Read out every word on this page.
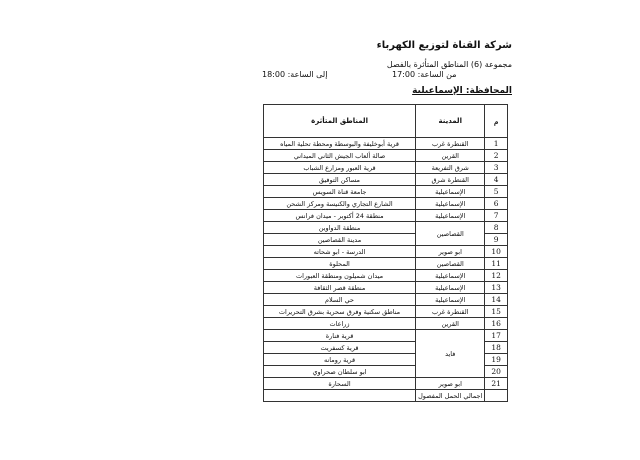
شركة القناة لتوزيع الكهرباء
مجموعة (6) المناطق المتأثرة بالفصل
من الساعة: 17:00
إلى الساعة: 18:00
المحافظة: الإسماعيلية
م	المدينة	المناطق المتأثرة
1	القنطرة غرب	قرية أبوخليفة والبوسطة ومحطة تحلية المياه
2	القرين	صالة ألعاب الجيش الثاني الميداني
3	شرق التفريعة	قرية العبور ومزارع الشباب
4	القنطرة شرق	مساكن التوفيق
5	الإسماعيلية	جامعة قناة السويس
6	الإسماعيلية	الشارع التجاري والكنيسة ومركز الشحن
7	الإسماعيلية	منطقة 24 أكتوبر - ميدان فرانس
8	القصاصين	منطقة الدواوين
9		مدينة القصاصين
10	ابو صوير	الدرسة - ابو شحاته
11	القصاصين	المحلوة
12	الإسماعيلية	ميدان شميلون ومنطقة العبورات
13	الإسماعيلية	منطقة قصر الثقافة
14	الإسماعيلية	حي السلام
15	القنطرة غرب	مناطق سكنية وفرق سحرية بشرق التحريرات
16	القرين	زراعات
17	فايد	قرية فنارة
18		قرية كسفريت
19		قرية رومانه
20		ابو سلطان صحراوي
21	ابو صوير	السحارة
	اجمالي الحمل المفصول	
